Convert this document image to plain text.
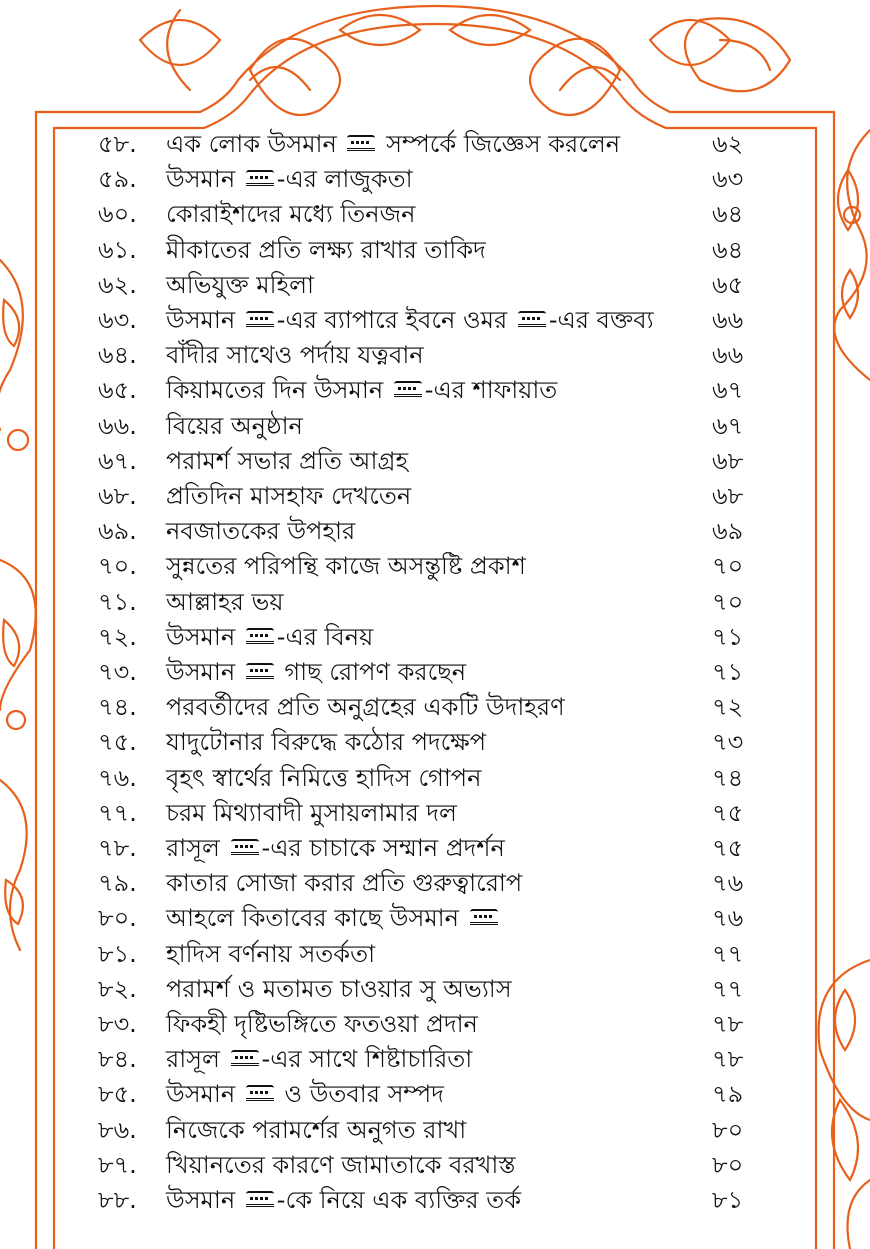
৫৮.	এক লোক উসমান  সম্পর্কে জিজ্ঞেস করলেন	৬২
৫৯.	উসমান -এর লাজুকতা	৬৩
৬০.	কোরাইশদের মধ্যে তিনজন	৬৪
৬১.	মীকাতের প্রতি লক্ষ্য রাখার তাকিদ	৬৪
৬২.	অভিযুক্ত মহিলা	৬৫
৬৩.	উসমান -এর ব্যাপারে ইবনে ওমর -এর বক্তব্য ৬৬
৬৪.	বাঁদীর সাথেও পর্দায় যত্নবান	৬৬
৬৫.	কিয়ামতের দিন উসমান -এর শাফায়াত	৬৭
৬৬.	বিয়ের অনুষ্ঠান	৬৭
৬৭.	পরামর্শ সভার প্রতি আগ্রহ	৬৮
৬৮.	প্রতিদিন মাসহাফ দেখতেন	৬৮
৬৯.	নবজাতকের উপহার	৬৯
৭০.	সুন্নতের পরিপন্থি কাজে অসন্তুষ্টি প্রকাশ	৭০
৭১.	আল্লাহর ভয়	৭০
৭২.	উসমান -এর বিনয়	৭১
৭৩.	উসমান  গাছ রোপণ করছেন	৭১
৭৪.	পরবর্তীদের প্রতি অনুগ্রহের একটি উদাহরণ	৭২
৭৫.	যাদুটোনার বিরুদ্ধে কঠোর পদক্ষেপ	৭৩
৭৬.	বৃহৎ স্বার্থের নিমিত্তে হাদিস গোপন	৭৪
৭৭.	চরম মিথ্যাবাদী মুসায়লামার দল	৭৫
৭৮.	রাসূল -এর চাচাকে সম্মান প্রদর্শন	৭৫
৭৯.	কাতার সোজা করার প্রতি গুরুত্বারোপ	৭৬
৮০.	আহলে কিতাবের কাছে উসমান	৭৬
৮১.	হাদিস বর্ণনায় সতর্কতা	৭৭
৮২.	পরামর্শ ও মতামত চাওয়ার সু অভ্যাস	৭৭
৮৩.	ফিকহী দৃষ্টিভঙ্গিতে ফতওয়া প্রদান	৭৮
৮৪.	রাসূল -এর সাথে শিষ্টাচারিতা	৭৮
৮৫.	উসমান  ও উতবার সম্পদ	৭৯
৮৬.	নিজেকে পরামর্শের অনুগত রাখা	৮০
৮৭.	খিয়ানতের কারণে জামাতাকে বরখাস্ত	৮০
৮৮.	উসমান -কে নিয়ে এক ব্যক্তির তর্ক	৮১
